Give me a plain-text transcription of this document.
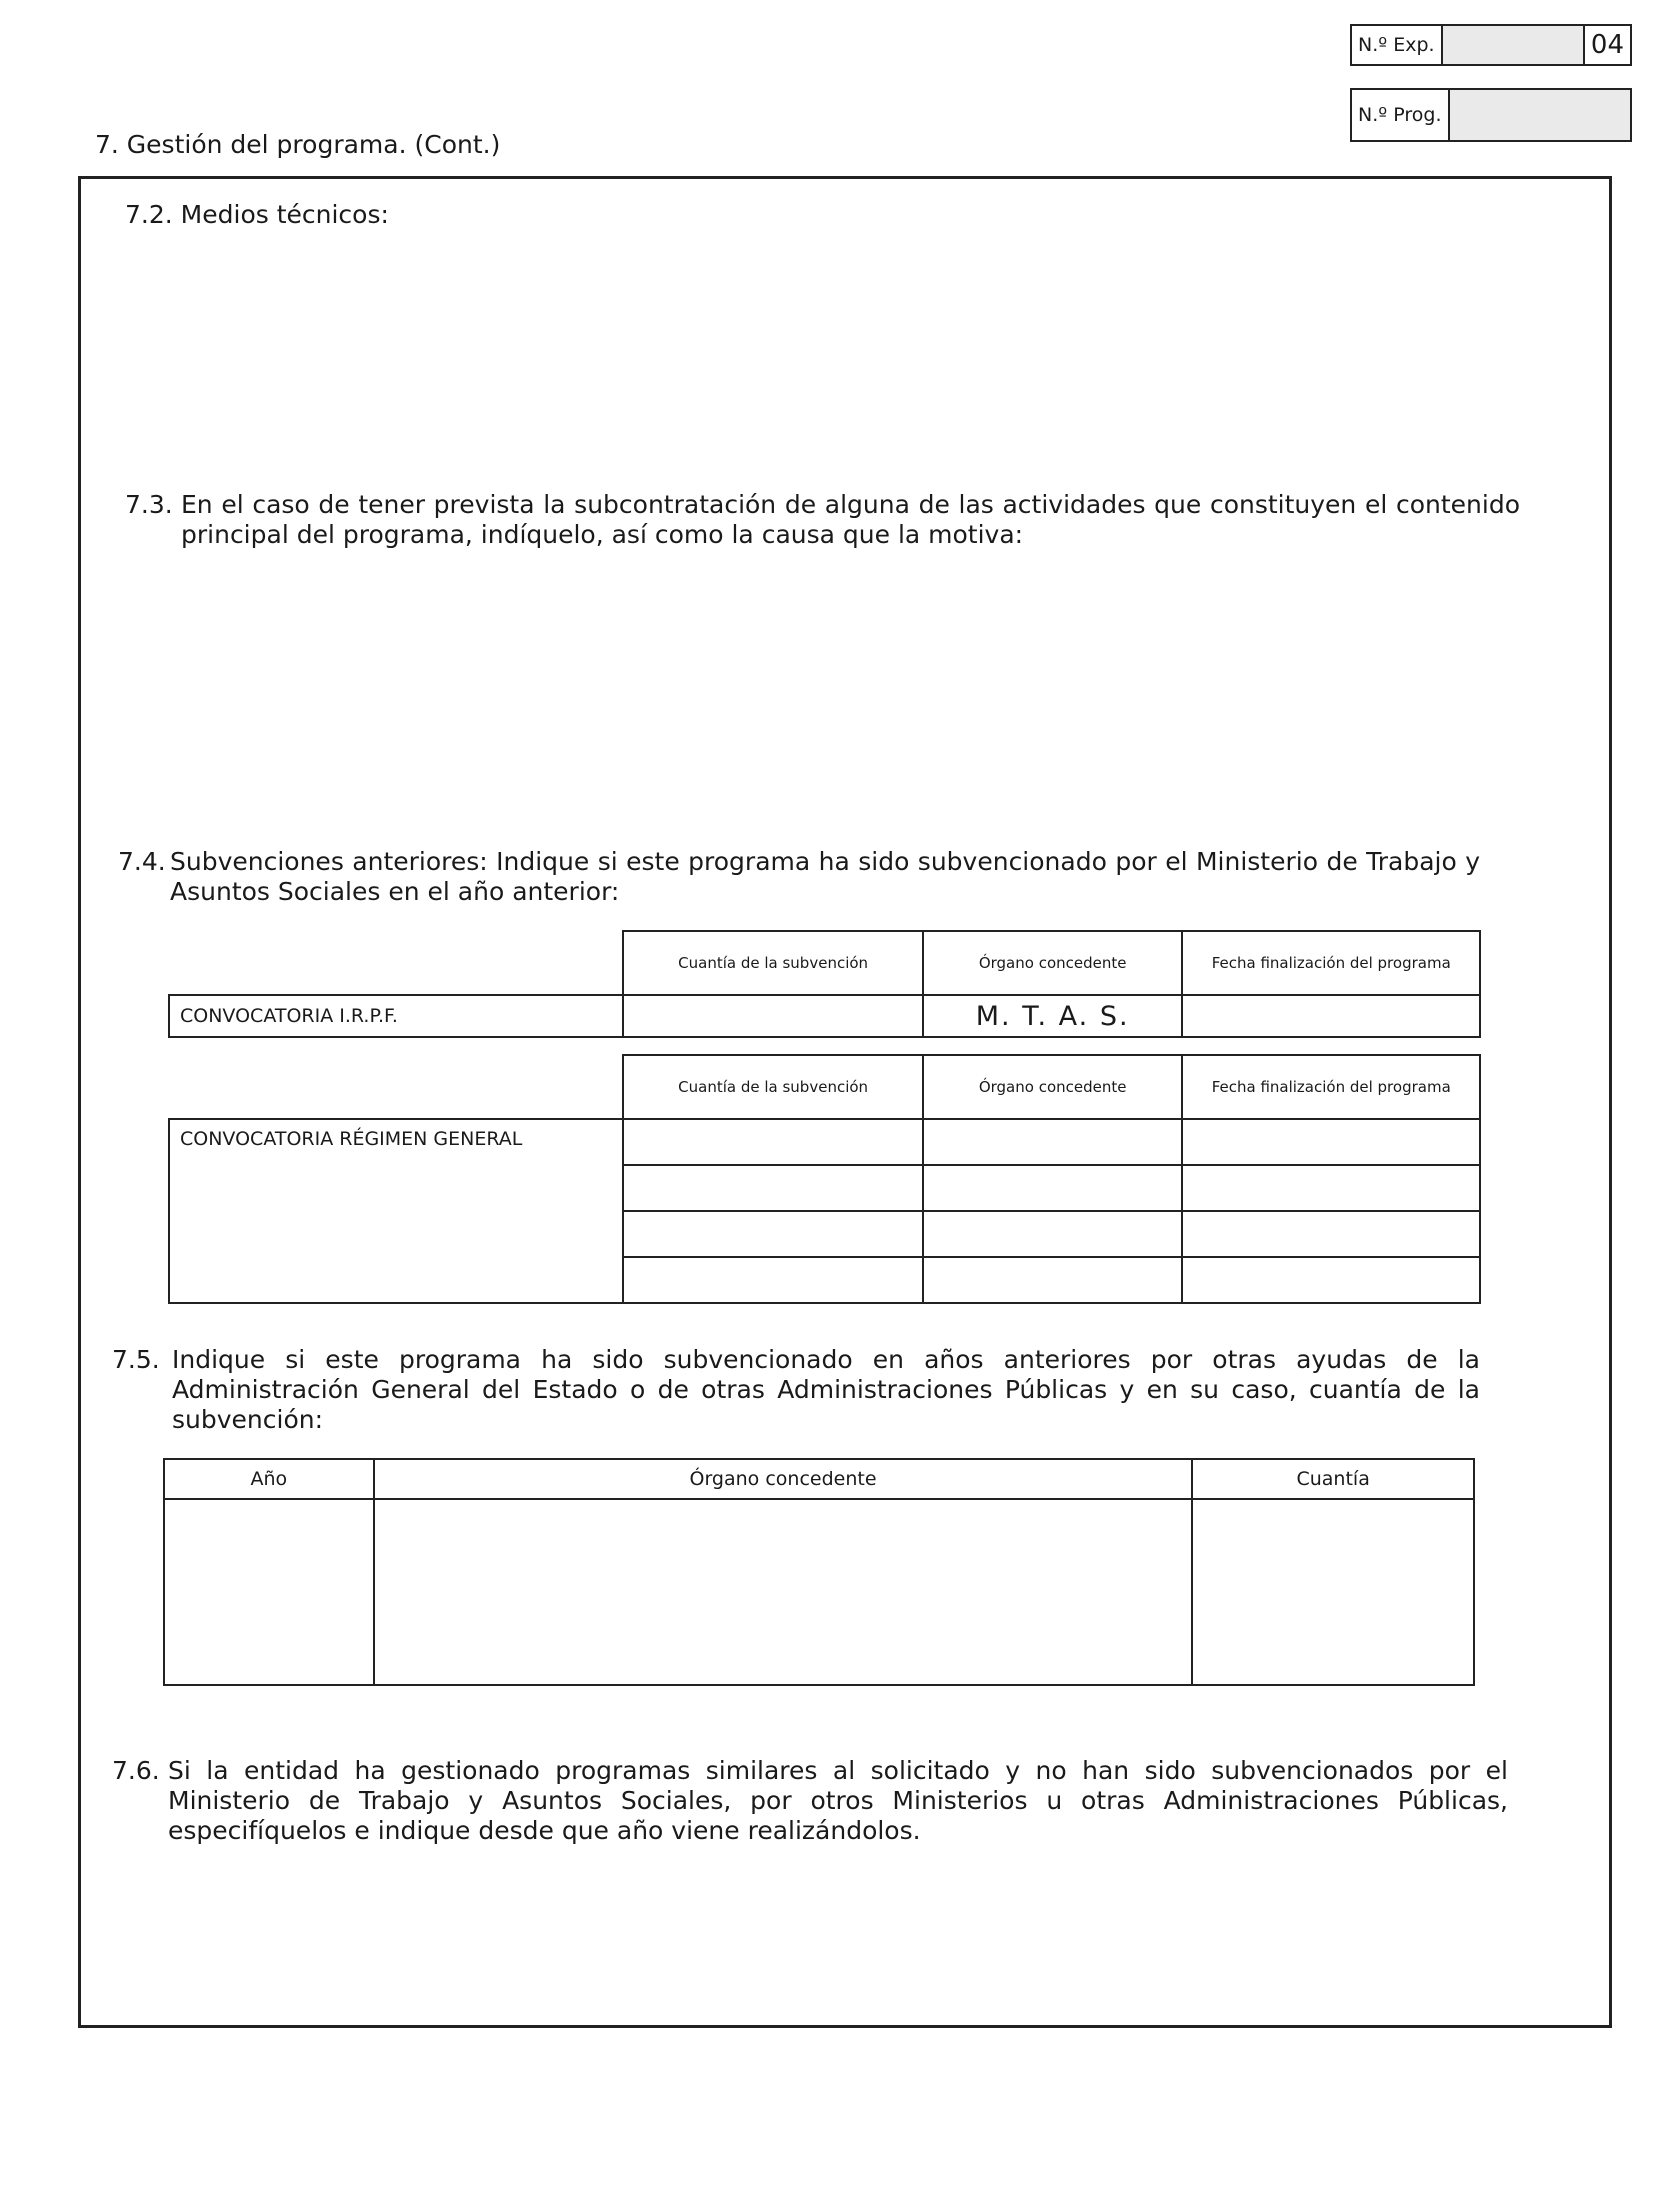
N.º Exp.	04
N.º Prog.
7. Gestión del programa. (Cont.)
7.2. Medios técnicos:
7.3. En el caso de tener prevista la subcontratación de alguna de las actividades que constituyen el contenido principal del programa, indíquelo, así como la causa que la motiva:
7.4. Subvenciones anteriores: Indique si este programa ha sido subvencionado por el Ministerio de Trabajo y Asuntos Sociales en el año anterior:
	Cuantía de la subvención	Órgano concedente	Fecha finalización del programa
CONVOCATORIA I.R.P.F.		M. T. A. S.	
	Cuantía de la subvención	Órgano concedente	Fecha finalización del programa
CONVOCATORIA RÉGIMEN GENERAL			

7.5. Indique si este programa ha sido subvencionado en años anteriores por otras ayudas de la Administración General del Estado o de otras Administraciones Públicas y en su caso, cuantía de la subvención:
Año	Órgano concedente	Cuantía

7.6. Si la entidad ha gestionado programas similares al solicitado y no han sido subvencionados por el Ministerio de Trabajo y Asuntos Sociales, por otros Ministerios u otras Administraciones Públicas, especifíquelos e indique desde que año viene realizándolos.
